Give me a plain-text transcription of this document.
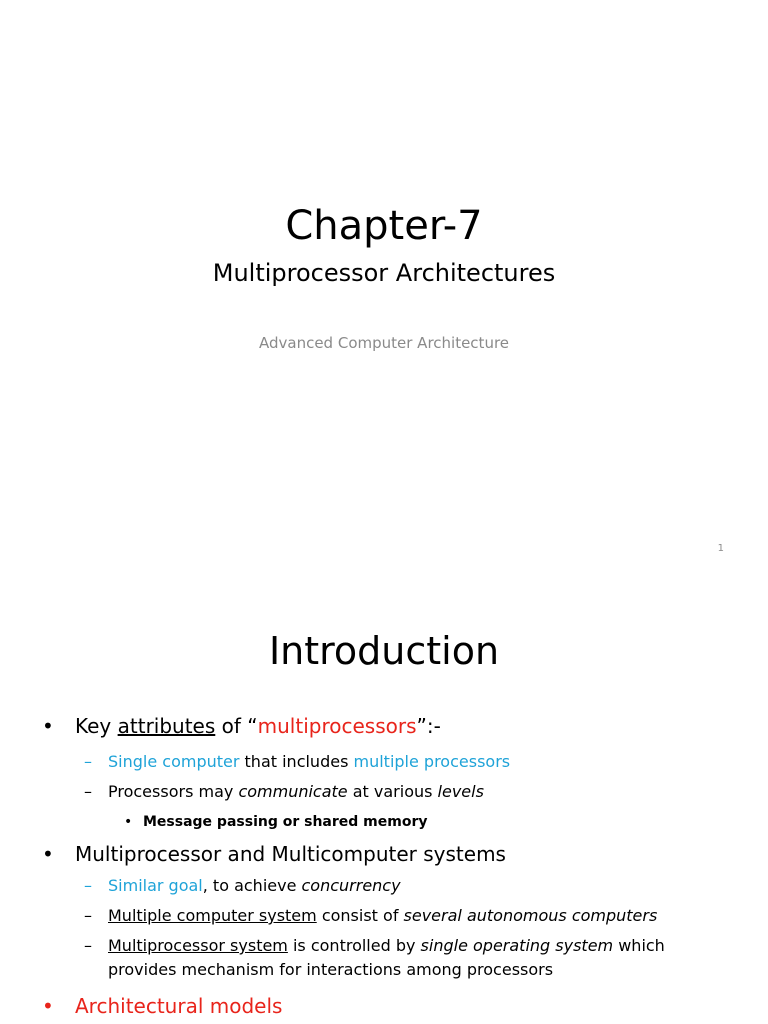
Chapter-7
Multiprocessor Architectures
Advanced Computer Architecture
1
Introduction
• Key attributes of “multiprocessors”:-
–	Single computer that includes multiple processors
–	Processors may communicate at various levels
• Message passing or shared memory
• Multiprocessor and Multicomputer systems
–	Similar goal, to achieve concurrency
–	Multiple computer system consist of several autonomous computers
–	Multiprocessor system is controlled by single operating system which
provides mechanism for interactions among processors
• Architectural models
